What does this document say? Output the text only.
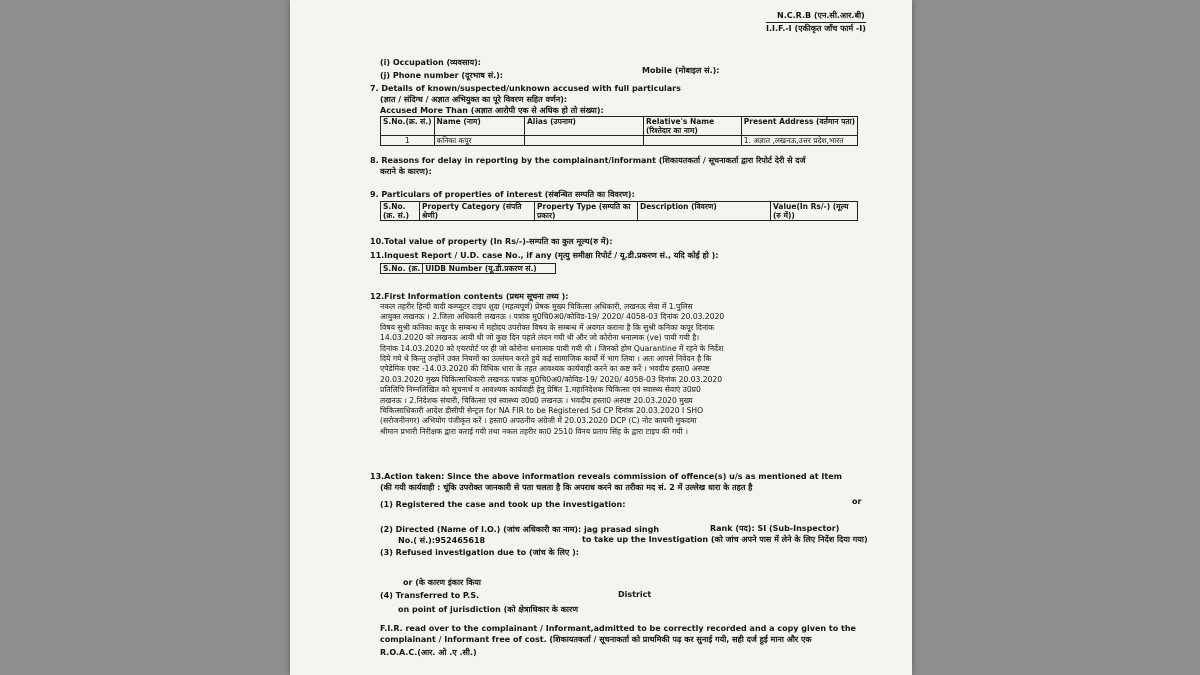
N.C.R.B (एन.सी.आर.बी)
I.I.F.-I (एकीकृत जाँच फार्म -I)
(i) Occupation (व्यवसाय):
(j) Phone number (दूरभाष सं.):
Mobile (मोबाइल सं.):
7. Details of known/suspected/unknown accused with full particulars
(ज्ञात / संदिग्ध / अज्ञात अभियुक्त का पूरे विवरण सहित वर्णन):
Accused More Than (अज्ञात आरोपी एक से अधिक हो तो संख्या):
S.No.(क्र. सं.)	Name (नाम)	Alias (उपनाम)	Relative's Name (रिश्तेदार का नाम)	Present Address (वर्तमान पता)
1	कनिका कपूर			1. अज्ञात ,लखनऊ,उत्तर प्रदेश,भारत
8. Reasons for delay in reporting by the complainant/informant (शिकायतकर्ता / सूचनाकर्ता द्वारा रिपोर्ट देरी से दर्ज
कराने के कारण):
9. Particulars of properties of interest (संबन्धित सम्पति का विवरण):
S.No. (क्र. सं.)	Property Category (संपति श्रेणी)	Property Type (सम्पति का प्रकार)	Description (विवरण)	Value(In Rs/-) (मूल्य (रु में))
10.Total value of property (In Rs/-)-सम्पति का कुल मूल्य(रु में):
11.Inquest Report / U.D. case No., if any (मृत्यु समीक्षा रिपोर्ट / यू.डी.प्रकरण सं., यदि कोई हो ):
S.No. (क्र.	UIDB Number (यू.डी.प्रकरण सं.)
12.First Information contents (प्रथम सूचना तथ्य ):
नकल तहरीर हिन्दी वादी कम्प्यूटर टाइप शुदा (महत्वपूर्ण) प्रेषक मुख्य चिकित्सा अधिकारी, लखनऊ सेवा में 1.पुलिस
आयुक्त लखनऊ । 2.जिला अधिकारी लखनऊ । पत्रांक मु0चि0अ0/कोविड-19/ 2020/ 4058-03 दिनांक 20.03.2020
विषय सुश्री कनिका कपूर के सम्बन्ध में महोदय उपरोक्त विषय के सम्बन्ध में अवगत कराना है कि सुश्री कनिका कपूर दिनांक
14.03.2020 को लखनऊ आयी थी जो कुछ दिन पहले लंदन गयी थी और जो कोरोना धनात्मक (ve) पायी गयी है।
दिनांक 14.03.2020 को एयरपोर्ट पर ही जो कोरोना धनात्मक पायी गयी थी । जिनको होम Quarantine में रहने के निर्देश
दिये गये थे किन्तु उन्होंने उक्त नियमों का उल्लंघन करते हुये कई सामाजिक कार्यों में भाग लिया । अतः आपसे निवेदन है कि
एपेडेमिक एक्ट -14.03.2020 की विधिक धारा के तहत आवश्यक कार्यवाही करने का कष्ट करें । भवदीय हस्ता0 अस्पष्ट
20.03.2020 मुख्य चिकित्साधिकारी लखनऊ पत्रांक मु0चि0अ0/कोविड-19/ 2020/ 4058-03 दिनांक 20.03.2020
प्रतिलिपि निम्नलिखित को सूचनार्थ व आवश्यक कार्यवाही हेतु प्रेषित 1.महानिदेशक चिकित्सा एवं स्वास्थ्य सेवाएं उ0प्र0
लखनऊ । 2.निदेशक संचारी, चिकित्सा एवं स्वास्थ्य उ0प्र0 लखनऊ । भवदीय हस्ता0 अस्पष्ट 20.03.2020 मुख्य
चिकित्साधिकारी आदेश डीसीपी सेन्ट्रल for NA FIR to be Registered Sd CP दिनांक 20.03.2020 I SHO
(सरोजनीनगर) अभियोग पंजीकृत करें । हस्ता0 अपठनीय अंग्रेजी में 20.03.2020 DCP (C) नोट कायमी मुकदमा
श्रीमान प्रभारी निरीक्षक द्वारा कराई गयी तथा नकल तहरीर का0 2510 विनय प्रताप सिंह के द्वारा टाइप की गयी ।
13.Action taken: Since the above information reveals commission of offence(s) u/s as mentioned at Item
(की गयी कार्यवाही : चूंकि उपरोक्त जानकारी से पता चलता है कि अपराध करने का तरीका मद सं. 2 में उल्लेख धारा के तहत है
(1) Registered the case and took up the investigation:	or
(2) Directed (Name of I.O.) (जांच अधिकारी का नाम): jag prasad singh	Rank (पद): SI (Sub-Inspector)
No.( सं.):952465618	to take up the Investigation (को जांच अपने पास में लेने के लिए निर्देश दिया गया)
(3) Refused investigation due to (जांच के लिए ):
or (के कारण इंकार किया
(4) Transferred to P.S.	District
on point of jurisdiction (को क्षेत्राधिकार के कारण
F.I.R. read over to the complainant / Informant,admitted to be correctly recorded and a copy given to the
complainant / Informant free of cost. (शिकायतकर्ता / सूचनाकर्ता को प्राथमिकी पढ़ कर सुनाई गयी, सही दर्ज हुई माना और एक
R.O.A.C.(आर. ओ .ए .सी.)
